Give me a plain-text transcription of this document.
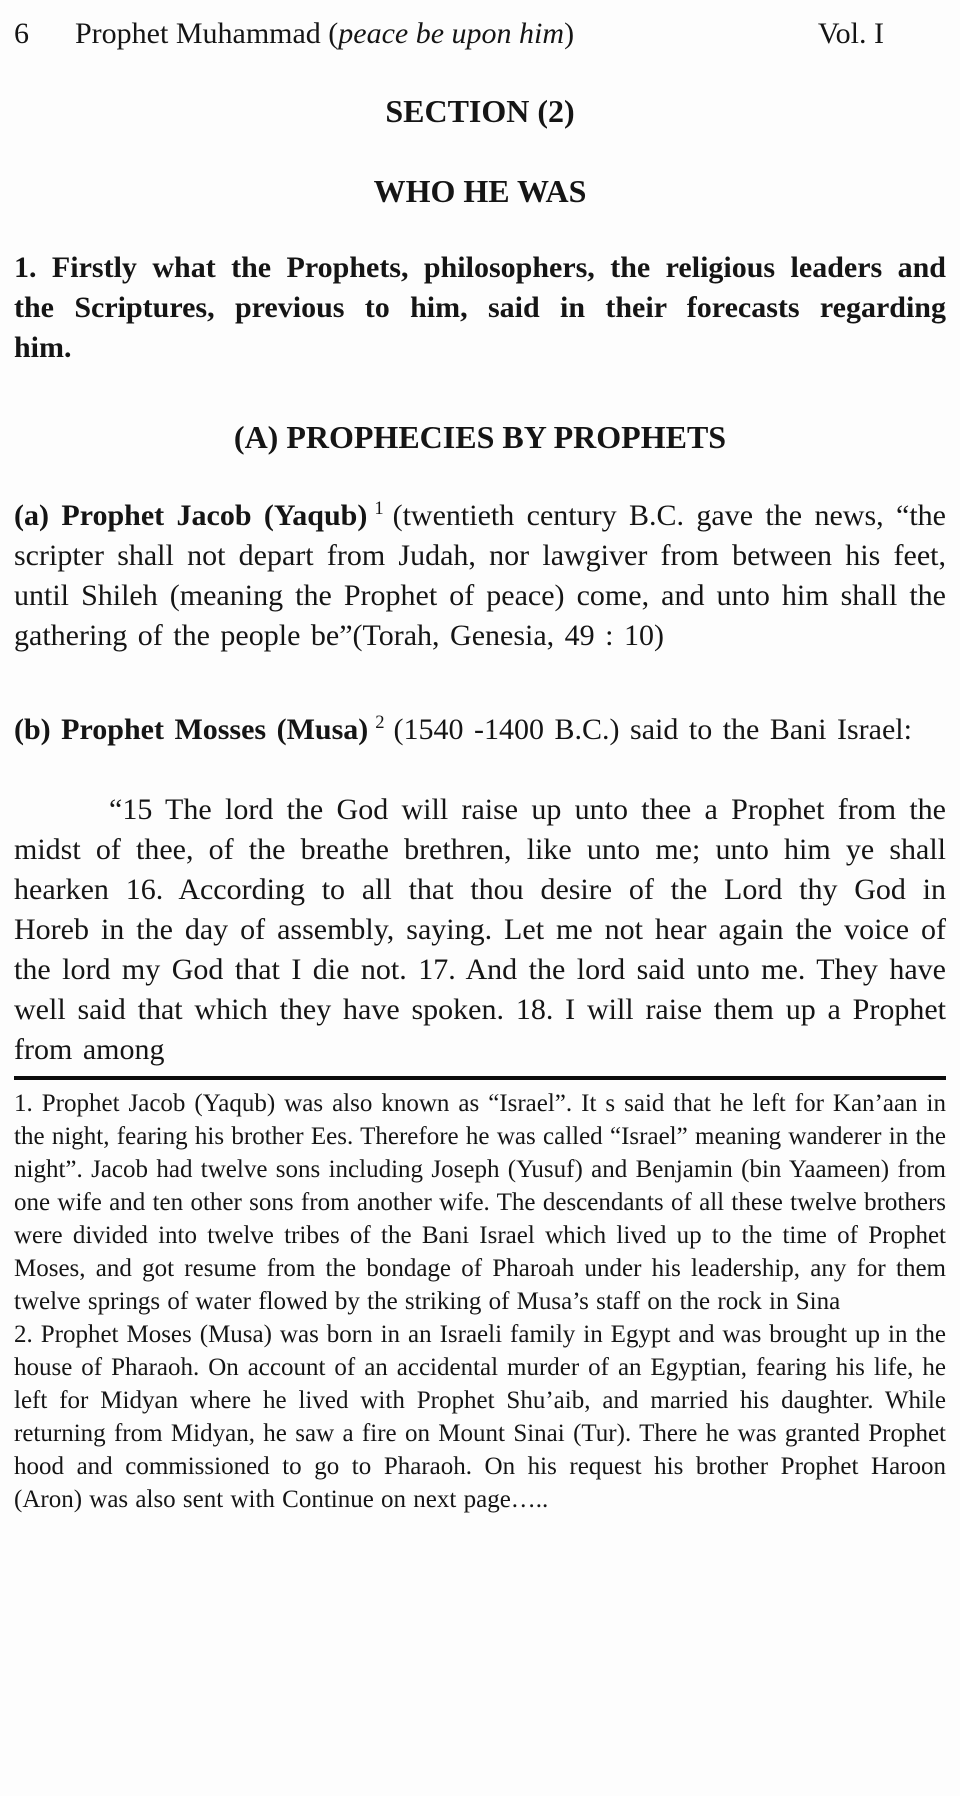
6 Prophet Muhammad (peace be upon him)	Vol. I
SECTION (2)
WHO HE WAS

1. Firstly what the Prophets, philosophers, the religious leaders and the Scriptures, previous to him, said in their forecasts regarding him.

(A) PROPHECIES BY PROPHETS

(a) Prophet Jacob (Yaqub) $^1$ (twentieth century B.C. gave the news, “the scripter shall not depart from Judah, nor lawgiver from between his feet, until Shileh (meaning the Prophet of peace) come, and unto him shall the gathering of the people be”(Torah, Genesia, 49 : 10)

(b) Prophet Mosses (Musa) $^2$ (1540 -1400 B.C.) said to the Bani Israel:

“15 The lord the God will raise up unto thee a Prophet from the midst of thee, of the breathe brethren, like unto me; unto him ye shall hearken 16. According to all that thou desire of the Lord thy God in Horeb in the day of assembly, saying. Let me not hear again the voice of the lord my God that I die not. 17. And the lord said unto me. They have well said that which they have spoken. 18. I will raise them up a Prophet from among

1. Prophet Jacob (Yaqub) was also known as “Israel”. It s said that he left for Kan’aan in the night, fearing his brother Ees. Therefore he was called “Israel” meaning wanderer in the night”. Jacob had twelve sons including Joseph (Yusuf) and Benjamin (bin Yaameen) from one wife and ten other sons from another wife. The descendants of all these twelve brothers were divided into twelve tribes of the Bani Israel which lived up to the time of Prophet Moses, and got resume from the bondage of Pharoah under his leadership, any for them twelve springs of water flowed by the striking of Musa’s staff on the rock in Sina

2. Prophet Moses (Musa) was born in an Israeli family in Egypt and was brought up in the house of Pharaoh. On account of an accidental murder of an Egyptian, fearing his life, he left for Midyan where he lived with Prophet Shu’aib, and married his daughter. While returning from Midyan, he saw a fire on Mount Sinai (Tur). There he was granted Prophet hood and commissioned to go to Pharaoh. On his request his brother Prophet Haroon (Aron) was also sent with Continue on next page…..
